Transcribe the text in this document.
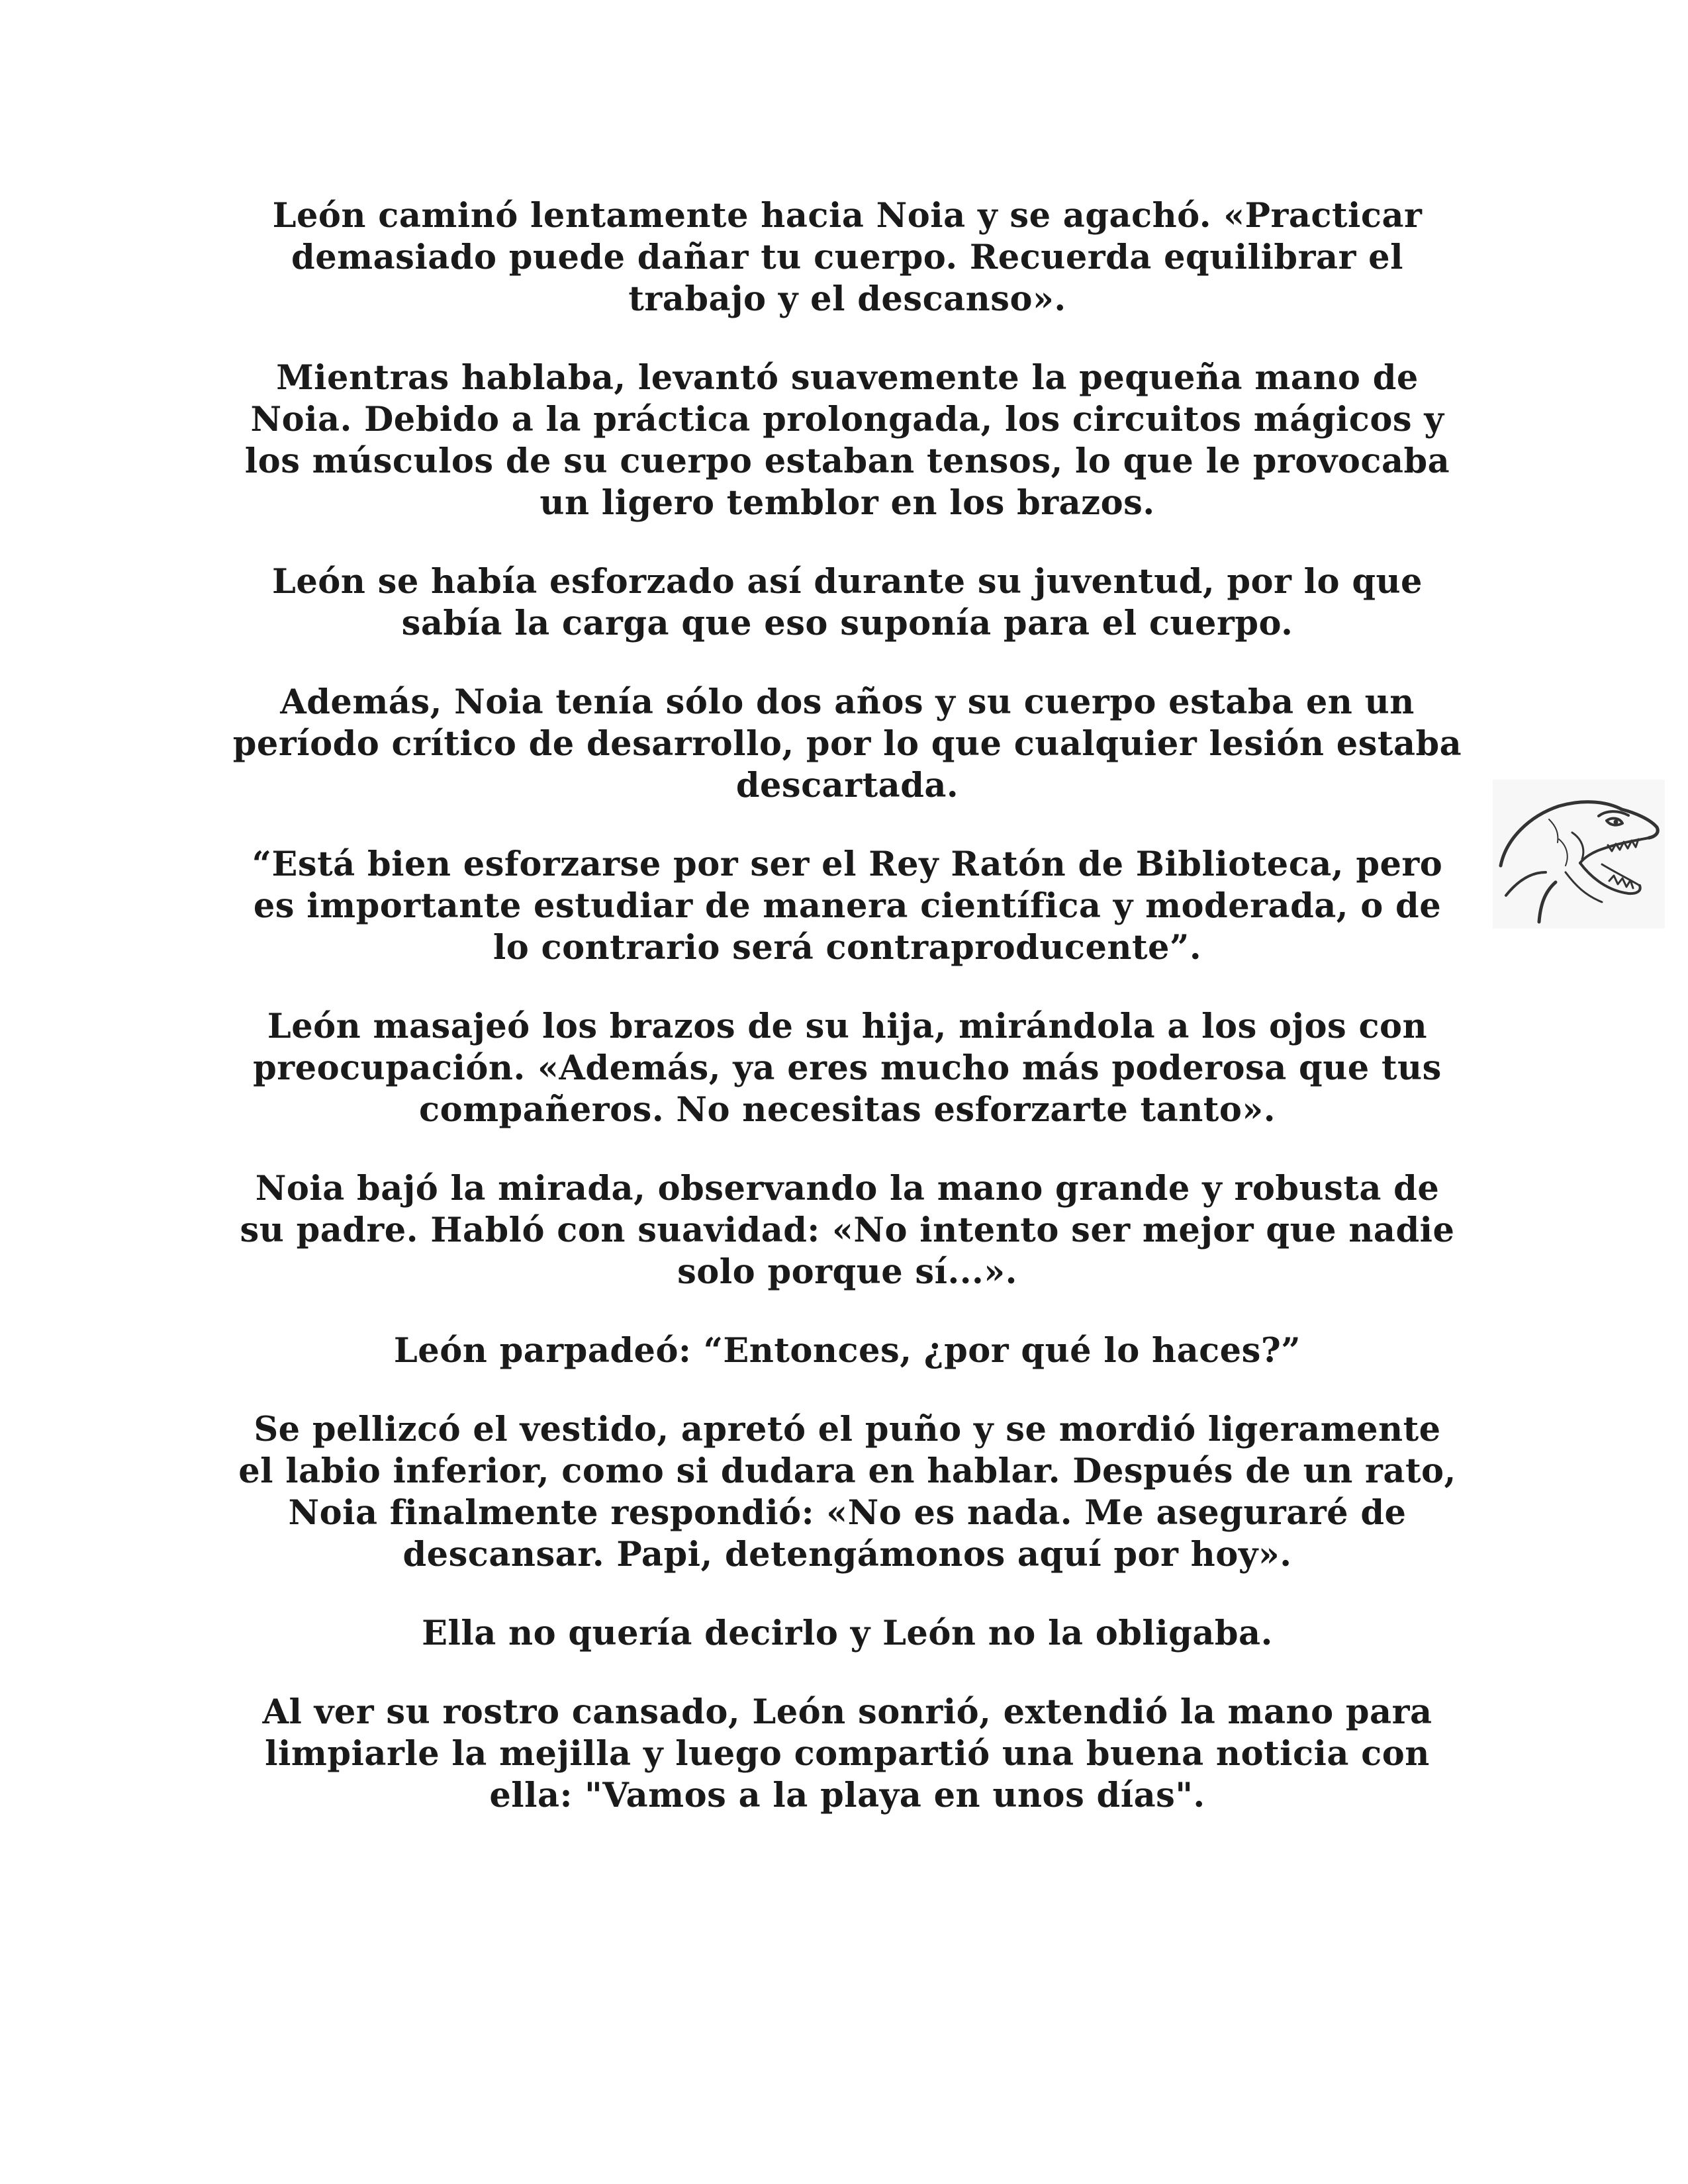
León caminó lentamente hacia Noia y se agachó. «Practicar demasiado puede dañar tu cuerpo. Recuerda equilibrar el trabajo y el descanso».

Mientras hablaba, levantó suavemente la pequeña mano de Noia. Debido a la práctica prolongada, los circuitos mágicos y los músculos de su cuerpo estaban tensos, lo que le provocaba un ligero temblor en los brazos.

León se había esforzado así durante su juventud, por lo que sabía la carga que eso suponía para el cuerpo.

Además, Noia tenía sólo dos años y su cuerpo estaba en un período crítico de desarrollo, por lo que cualquier lesión estaba descartada.

“Está bien esforzarse por ser el Rey Ratón de Biblioteca, pero es importante estudiar de manera científica y moderada, o de lo contrario será contraproducente”.

León masajeó los brazos de su hija, mirándola a los ojos con preocupación. «Además, ya eres mucho más poderosa que tus compañeros. No necesitas esforzarte tanto».

Noia bajó la mirada, observando la mano grande y robusta de su padre. Habló con suavidad: «No intento ser mejor que nadie solo porque sí...».

León parpadeó: “Entonces, ¿por qué lo haces?”

Se pellizcó el vestido, apretó el puño y se mordió ligeramente el labio inferior, como si dudara en hablar. Después de un rato, Noia finalmente respondió: «No es nada. Me aseguraré de descansar. Papi, detengámonos aquí por hoy».

Ella no quería decirlo y León no la obligaba.

Al ver su rostro cansado, León sonrió, extendió la mano para limpiarle la mejilla y luego compartió una buena noticia con ella: "Vamos a la playa en unos días".
